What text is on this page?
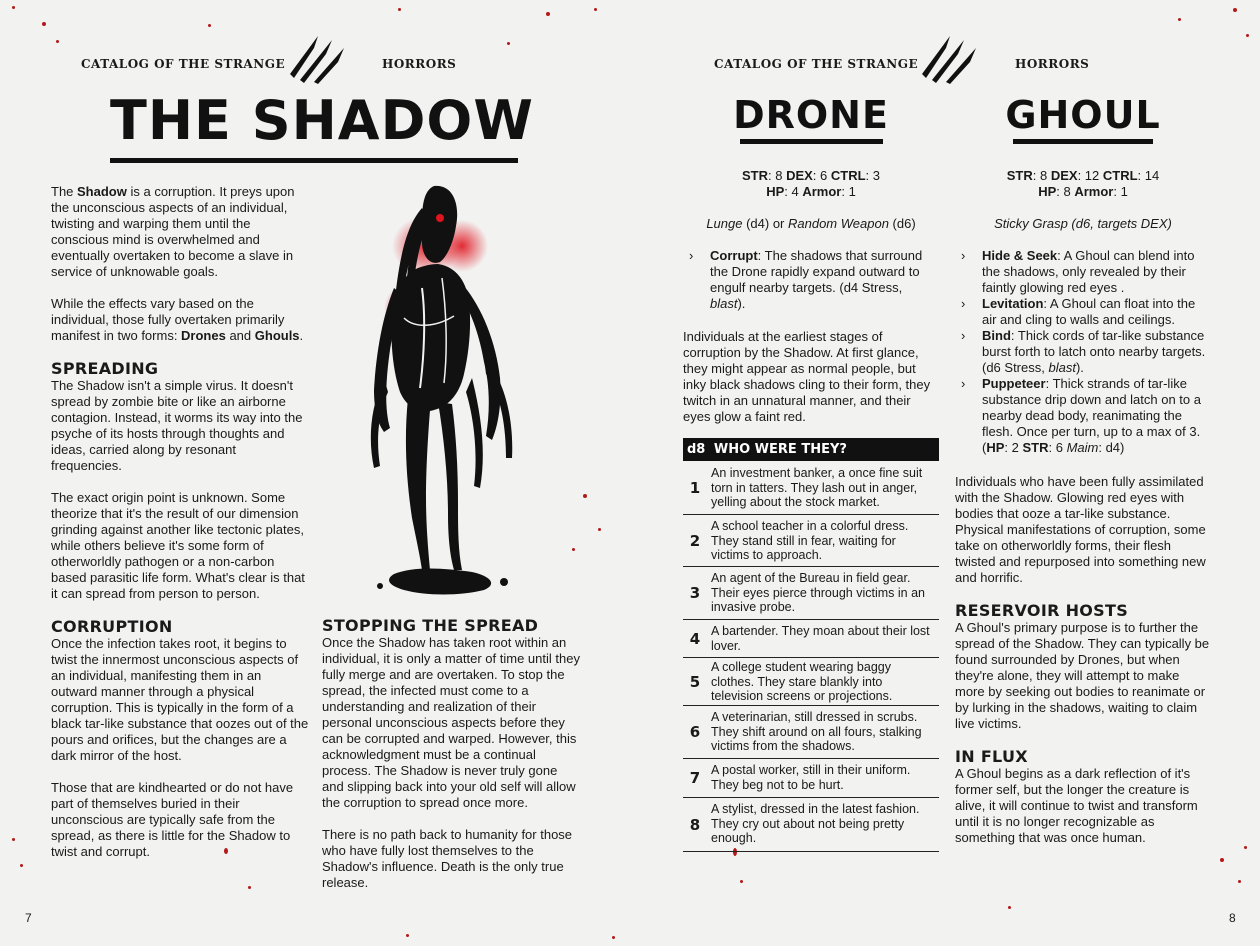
CATALOG OF THE STRANGE	HORRORS
THE SHADOW

The Shadow is a corruption. It preys upon the unconscious aspects of an individual, twisting and warping them until the conscious mind is overwhelmed and eventually overtaken to become a slave in service of unknowable goals.

While the effects vary based on the individual, those fully overtaken primarily manifest in two forms: Drones and Ghouls.

SPREADING

The Shadow isn't a simple virus. It doesn't spread by zombie bite or like an airborne contagion. Instead, it worms its way into the psyche of its hosts through thoughts and ideas, carried along by resonant frequencies.

The exact origin point is unknown. Some theorize that it's the result of our dimension grinding against another like tectonic plates, while others believe it's some form of otherworldly pathogen or a non-carbon based parasitic life form. What's clear is that it can spread from person to person.

CORRUPTION

Once the infection takes root, it begins to twist the innermost unconscious aspects of an individual, manifesting them in an outward manner through a physical corruption. This is typically in the form of a black tar-like substance that oozes out of the pours and orifices, but the changes are a dark mirror of the host.

Those that are kindhearted or do not have part of themselves buried in their unconscious are typically safe from the spread, as there is little for the Shadow to twist and corrupt.

STOPPING THE SPREAD

Once the Shadow has taken root within an individual, it is only a matter of time until they fully merge and are overtaken. To stop the spread, the infected must come to a understanding and realization of their personal unconscious aspects before they can be corrupted and warped. However, this acknowledgment must be a continual process. The Shadow is never truly gone and slipping back into your old self will allow the corruption to spread once more.

There is no path back to humanity for those who have fully lost themselves to the Shadow's influence. Death is the only true release.

7
CATALOG OF THE STRANGE	HORRORS
DRONE
STR: 8 DEX: 6 CTRL: 3
HP: 4 Armor: 1
Lunge (d4) or Random Weapon (d6)
› Corrupt: The shadows that surround the Drone rapidly expand outward to engulf nearby targets. (d4 Stress, blast).
Individuals at the earliest stages of corruption by the Shadow. At first glance, they might appear as normal people, but inky black shadows cling to their form, they twitch in an unnatural manner, and their eyes glow a faint red.
d8 WHO WERE THEY?
1
An investment banker, a once fine suit torn in tatters. They lash out in anger, yelling about the stock market.
2
A school teacher in a colorful dress. They stand still in fear, waiting for victims to approach.
3
An agent of the Bureau in field gear. Their eyes pierce through victims in an invasive probe.
4 A bartender. They moan about their lost lover.
5
A college student wearing baggy clothes. They stare blankly into television screens or projections.
6
A veterinarian, still dressed in scrubs. They shift around on all fours, stalking victims from the shadows.
7 A postal worker, still in their uniform. They beg not to be hurt.
8
A stylist, dressed in the latest fashion. They cry out about not being pretty enough.
GHOUL
STR: 8 DEX: 12 CTRL: 14
HP: 8 Armor: 1
Sticky Grasp (d6, targets DEX)
› Hide & Seek: A Ghoul can blend into the shadows, only revealed by their faintly glowing red eyes .
› Levitation: A Ghoul can float into the air and cling to walls and ceilings.
› Bind: Thick cords of tar-like substance burst forth to latch onto nearby targets. (d6 Stress, blast).
› Puppeteer: Thick strands of tar-like substance drip down and latch on to a nearby dead body, reanimating the flesh. Once per turn, up to a max of 3. (HP: 2 STR: 6 Maim: d4)

Individuals who have been fully assimilated with the Shadow. Glowing red eyes with bodies that ooze a tar-like substance. Physical manifestations of corruption, some take on otherworldly forms, their flesh twisted and repurposed into something new and horrific.

RESERVOIR HOSTS

A Ghoul's primary purpose is to further the spread of the Shadow. They can typically be found surrounded by Drones, but when they're alone, they will attempt to make more by seeking out bodies to reanimate or by lurking in the shadows, waiting to claim live victims.

IN FLUX

A Ghoul begins as a dark reflection of it's former self, but the longer the creature is alive, it will continue to twist and transform until it is no longer recognizable as something that was once human.

8
